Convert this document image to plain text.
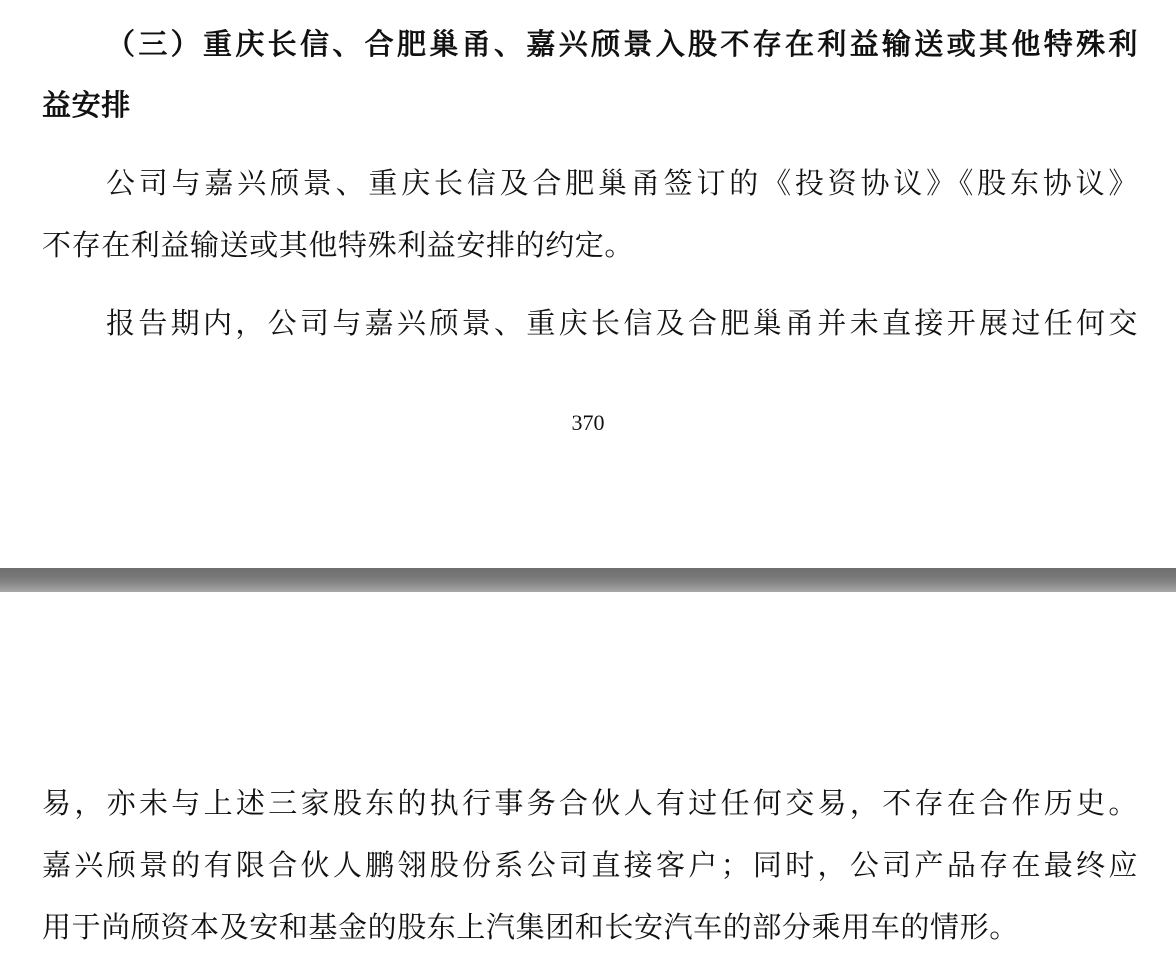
（三）重庆长信、合肥巢甬、嘉兴颀景入股不存在利益输送或其他特殊利
益安排
公司与嘉兴颀景、重庆长信及合肥巢甬签订的《投资协议》《股东协议》
不存在利益输送或其他特殊利益安排的约定。
报告期内，公司与嘉兴颀景、重庆长信及合肥巢甬并未直接开展过任何交
370
易，亦未与上述三家股东的执行事务合伙人有过任何交易，不存在合作历史。
嘉兴颀景的有限合伙人鹏翎股份系公司直接客户；同时，公司产品存在最终应
用于尚颀资本及安和基金的股东上汽集团和长安汽车的部分乘用车的情形。
